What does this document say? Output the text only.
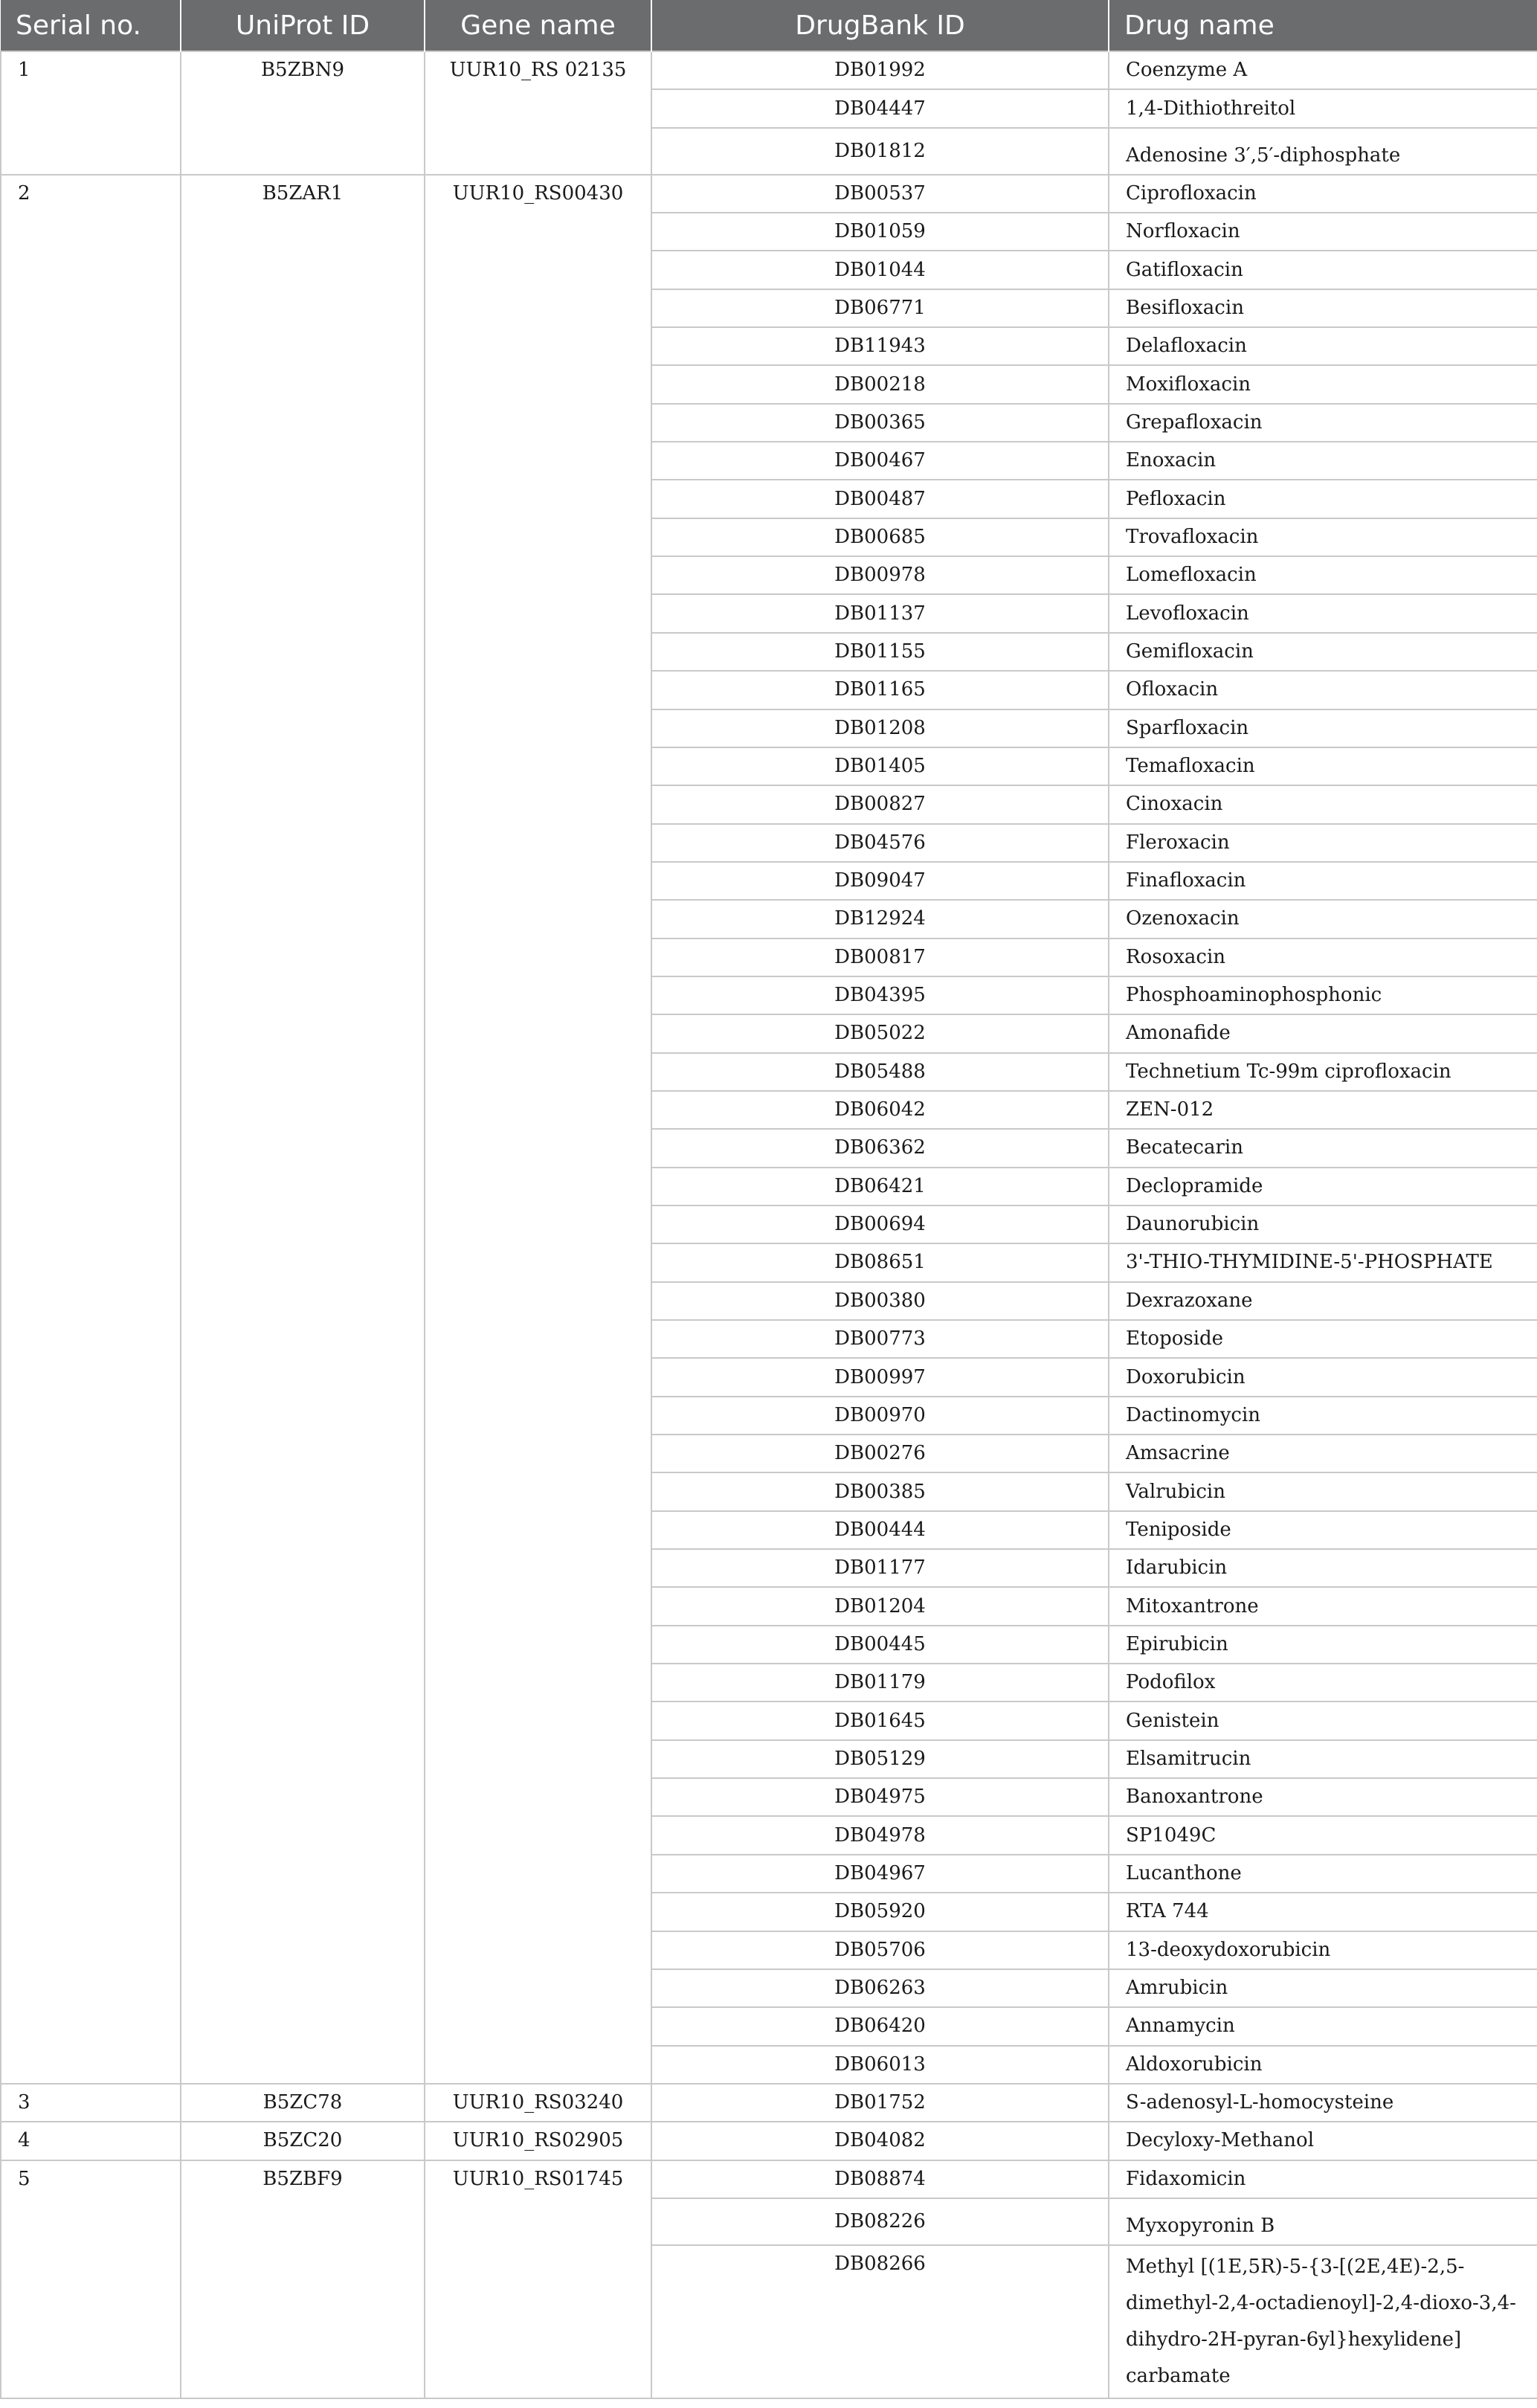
Serial no.	UniProt ID	Gene name	DrugBank ID	Drug name
1	B5ZBN9	UUR10_RS 02135	DB01992	Coenzyme A
			DB04447	1,4-Dithiothreitol
			DB01812	Adenosine 3′,5′-diphosphate
2	B5ZAR1	UUR10_RS00430	DB00537	Ciprofloxacin
			DB01059	Norfloxacin
			DB01044	Gatifloxacin
			DB06771	Besifloxacin
			DB11943	Delafloxacin
			DB00218	Moxifloxacin
			DB00365	Grepafloxacin
			DB00467	Enoxacin
			DB00487	Pefloxacin
			DB00685	Trovafloxacin
			DB00978	Lomefloxacin
			DB01137	Levofloxacin
			DB01155	Gemifloxacin
			DB01165	Ofloxacin
			DB01208	Sparfloxacin
			DB01405	Temafloxacin
			DB00827	Cinoxacin
			DB04576	Fleroxacin
			DB09047	Finafloxacin
			DB12924	Ozenoxacin
			DB00817	Rosoxacin
			DB04395	Phosphoaminophosphonic
			DB05022	Amonafide
			DB05488	Technetium Tc-99m ciprofloxacin
			DB06042	ZEN-012
			DB06362	Becatecarin
			DB06421	Declopramide
			DB00694	Daunorubicin
			DB08651	3'-THIO-THYMIDINE-5'-PHOSPHATE
			DB00380	Dexrazoxane
			DB00773	Etoposide
			DB00997	Doxorubicin
			DB00970	Dactinomycin
			DB00276	Amsacrine
			DB00385	Valrubicin
			DB00444	Teniposide
			DB01177	Idarubicin
			DB01204	Mitoxantrone
			DB00445	Epirubicin
			DB01179	Podofilox
			DB01645	Genistein
			DB05129	Elsamitrucin
			DB04975	Banoxantrone
			DB04978	SP1049C
			DB04967	Lucanthone
			DB05920	RTA 744
			DB05706	13-deoxydoxorubicin
			DB06263	Amrubicin
			DB06420	Annamycin
			DB06013	Aldoxorubicin
3	B5ZC78	UUR10_RS03240	DB01752	S-adenosyl-L-homocysteine
4	B5ZC20	UUR10_RS02905	DB04082	Decyloxy-Methanol
5	B5ZBF9	UUR10_RS01745	DB08874	Fidaxomicin
			DB08226	Myxopyronin B
			DB08266	Methyl [(1E,5R)-5-{3-[(2E,4E)-2,5-dimethyl-2,4-octadienoyl]-2,4-dioxo-3,4-dihydro-2H-pyran-6yl}hexylidene] carbamate
